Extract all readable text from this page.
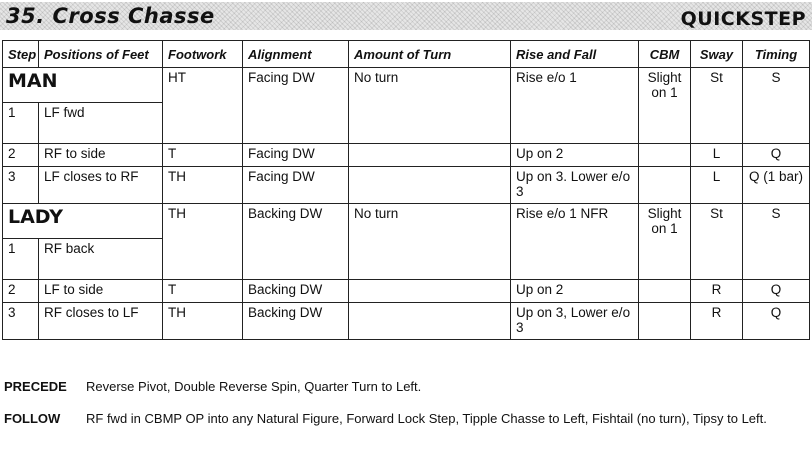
35. Cross Chasse	QUICKSTEP
Step	Positions of Feet	Footwork	Alignment	Amount of Turn	Rise and Fall	CBM	Sway	Timing
MAN		HT	Facing DW	No turn	Rise e/o 1	Slight on 1	St	S
1	LF fwd							
2	RF to side	T	Facing DW		Up on 2		L	Q
3	LF closes to RF	TH	Facing DW		Up on 3. Lower e/o 3		L	Q (1 bar)
LADY		TH	Backing DW	No turn	Rise e/o 1 NFR	Slight on 1	St	S
1	RF back							
2	LF to side	T	Backing DW		Up on 2		R	Q
3	RF closes to LF	TH	Backing DW		Up on 3, Lower e/o 3		R	Q
PRECEDE	Reverse Pivot, Double Reverse Spin, Quarter Turn to Left.
FOLLOW	RF fwd in CBMP OP into any Natural Figure, Forward Lock Step, Tipple Chasse to Left, Fishtail (no turn), Tipsy to Left.
